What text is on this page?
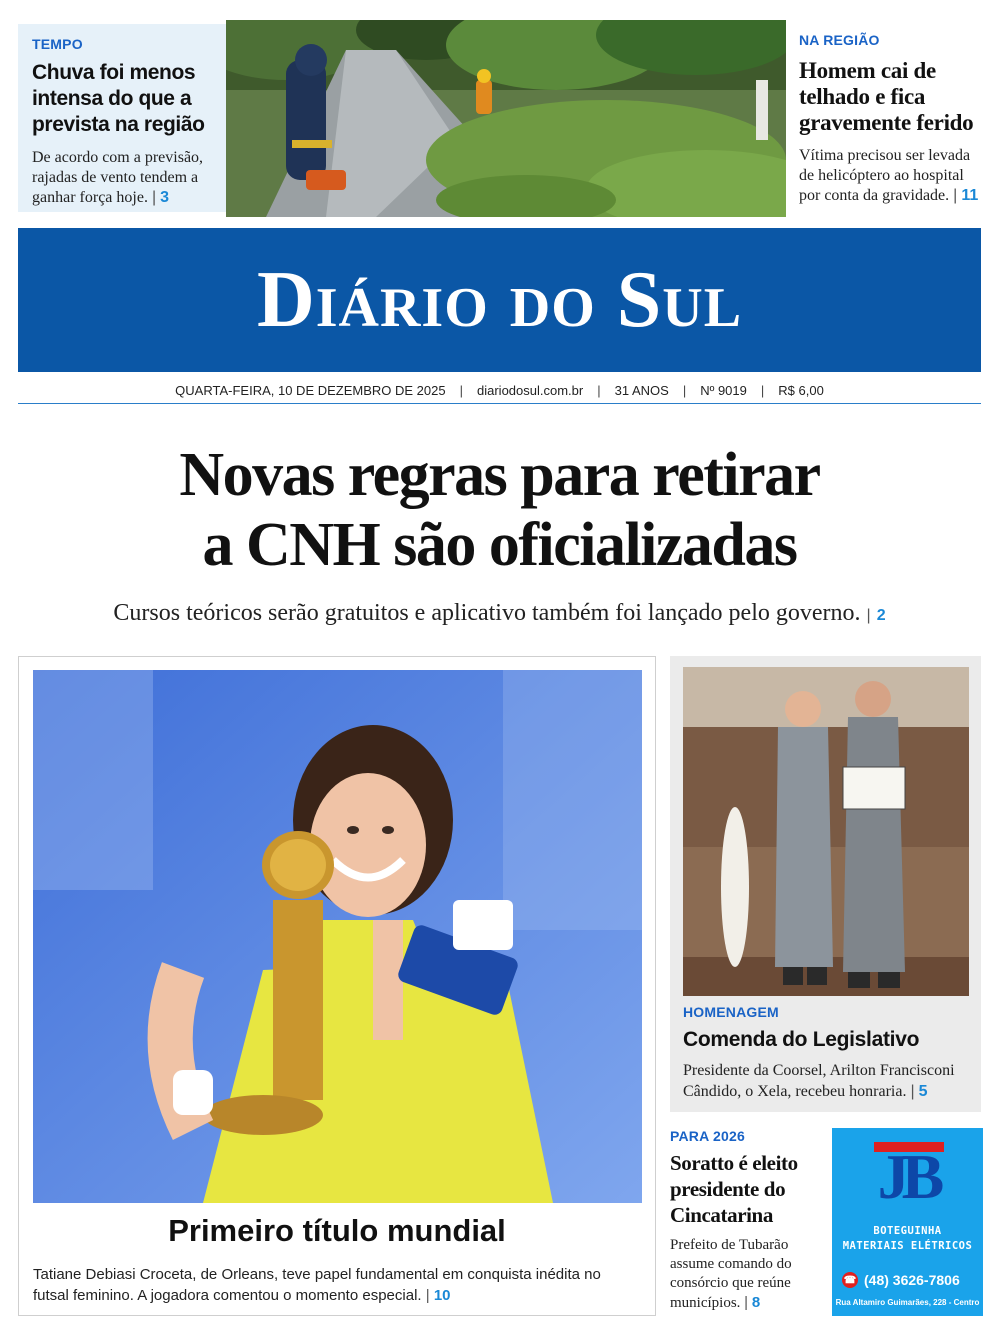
TEMPO
Chuva foi menos intensa do que a prevista na região
De acordo com a previsão, rajadas de vento tendem a ganhar força hoje. | 3
NA REGIÃO
Homem cai de telhado e fica gravemente ferido
Vítima precisou ser levada de helicóptero ao hospital por conta da gravidade. | 11
Diário do Sul
QUARTA-FEIRA, 10 DE DEZEMBRO DE 2025 | diariodosul.com.br | 31 ANOS | Nº 9019 | R$ 6,00
Novas regras para retirar
a CNH são oficializadas
Cursos teóricos serão gratuitos e aplicativo também foi lançado pelo governo. | 2
Primeiro título mundial
Tatiane Debiasi Croceta, de Orleans, teve papel fundamental em conquista inédita no futsal feminino. A jogadora comentou o momento especial. | 10
HOMENAGEM
Comenda do Legislativo
Presidente da Coorsel, Arilton Francisconi Cândido, o Xela, recebeu honraria. | 5
PARA 2026
Soratto é eleito presidente do Cincatarina
Prefeito de Tubarão assume comando do consórcio que reúne municípios. | 8
JB
BOTEGUINHA
MATERIAIS ELÉTRICOS
☎ (48) 3626-7806
Rua Altamiro Guimarães, 228 - Centro
